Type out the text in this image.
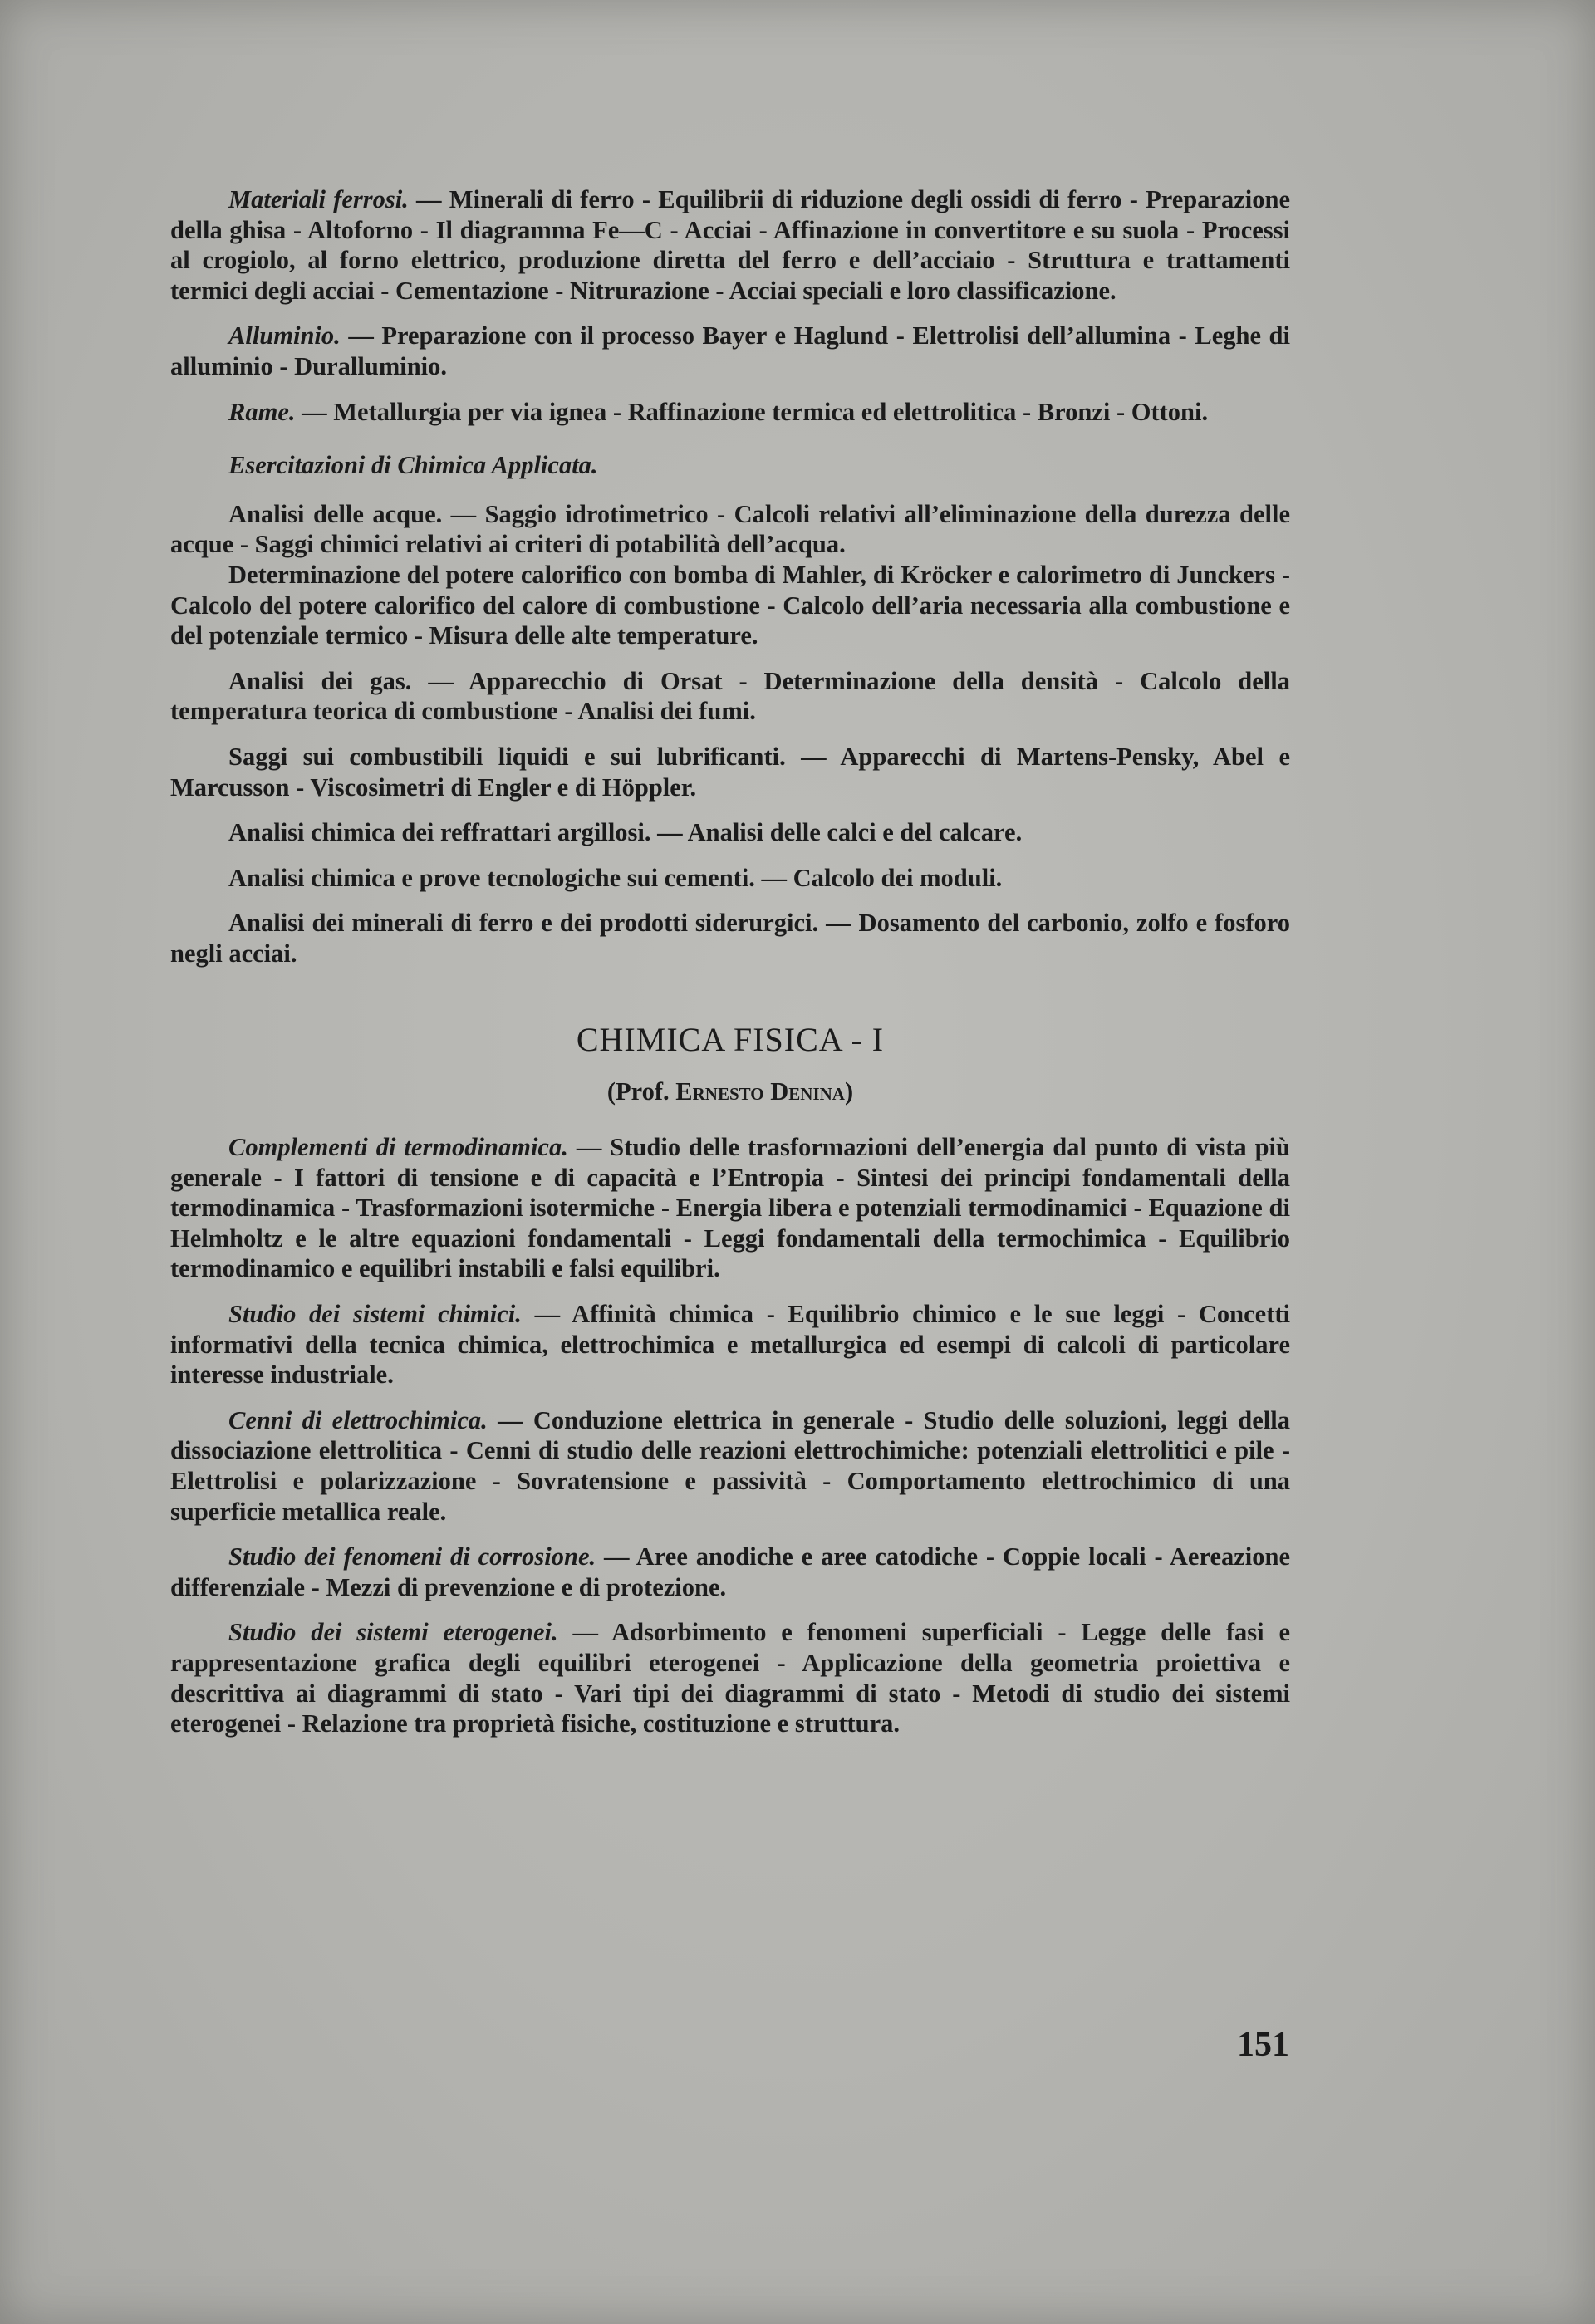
Materiali ferrosi. — Minerali di ferro - Equilibrii di riduzione degli ossidi di ferro - Preparazione della ghisa - Altoforno - Il diagramma Fe—C - Acciai - Affinazione in convertitore e su suola - Processi al crogiolo, al forno elettrico, produzione diretta del ferro e dell’acciaio - Struttura e trattamenti termici degli acciai - Cementazione - Nitrurazione - Acciai speciali e loro classificazione.

Alluminio. — Preparazione con il processo Bayer e Haglund - Elettrolisi dell’allumina - Leghe di alluminio - Duralluminio.

Rame. — Metallurgia per via ignea - Raffinazione termica ed elettrolitica - Bronzi - Ottoni.

Esercitazioni di Chimica Applicata.

Analisi delle acque. — Saggio idrotimetrico - Calcoli relativi all’eliminazione della durezza delle acque - Saggi chimici relativi ai criteri di potabilità dell’acqua.

Determinazione del potere calorifico con bomba di Mahler, di Kröcker e calorimetro di Junckers - Calcolo del potere calorifico del calore di combustione - Calcolo dell’aria necessaria alla combustione e del potenziale termico - Misura delle alte temperature.

Analisi dei gas. — Apparecchio di Orsat - Determinazione della densità - Calcolo della temperatura teorica di combustione - Analisi dei fumi.

Saggi sui combustibili liquidi e sui lubrificanti. — Apparecchi di Martens-Pensky, Abel e Marcusson - Viscosimetri di Engler e di Höppler.

Analisi chimica dei reffrattari argillosi. — Analisi delle calci e del calcare.

Analisi chimica e prove tecnologiche sui cementi. — Calcolo dei moduli.

Analisi dei minerali di ferro e dei prodotti siderurgici. — Dosamento del carbonio, zolfo e fosforo negli acciai.

CHIMICA FISICA - I
(Prof. Ernesto Denina)

Complementi di termodinamica. — Studio delle trasformazioni dell’energia dal punto di vista più generale - I fattori di tensione e di capacità e l’Entropia - Sintesi dei principi fondamentali della termodinamica - Trasformazioni isotermiche - Energia libera e potenziali termodinamici - Equazione di Helmholtz e le altre equazioni fondamentali - Leggi fondamentali della termochimica - Equilibrio termodinamico e equilibri instabili e falsi equilibri.

Studio dei sistemi chimici. — Affinità chimica - Equilibrio chimico e le sue leggi - Concetti informativi della tecnica chimica, elettrochimica e metallurgica ed esempi di calcoli di particolare interesse industriale.

Cenni di elettrochimica. — Conduzione elettrica in generale - Studio delle soluzioni, leggi della dissociazione elettrolitica - Cenni di studio delle reazioni elettrochimiche: potenziali elettrolitici e pile - Elettrolisi e polarizzazione - Sovratensione e passività - Comportamento elettrochimico di una superficie metallica reale.

Studio dei fenomeni di corrosione. — Aree anodiche e aree catodiche - Coppie locali - Aereazione differenziale - Mezzi di prevenzione e di protezione.

Studio dei sistemi eterogenei. — Adsorbimento e fenomeni superficiali - Legge delle fasi e rappresentazione grafica degli equilibri eterogenei - Applicazione della geometria proiettiva e descrittiva ai diagrammi di stato - Vari tipi dei diagrammi di stato - Metodi di studio dei sistemi eterogenei - Relazione tra proprietà fisiche, costituzione e struttura.

151
